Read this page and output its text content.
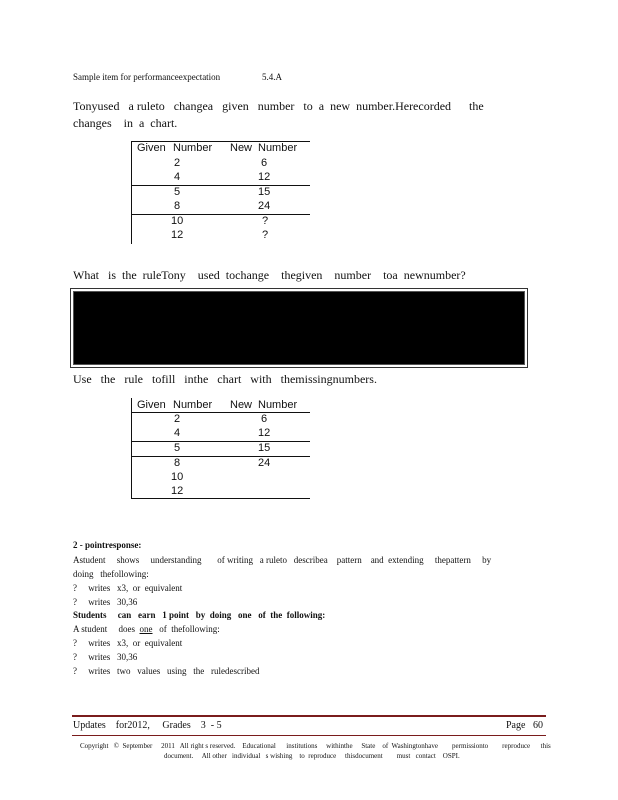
Sample item for performanceexpectation	5.4.A
Tonyused   a ruleto   changea   given   number   to  a  new  number.Herecorded      the
changes    in  a  chart.
Given Number New Number
2	6
4	12
5	15
8	24
10	?
12	?
What   is  the  ruleTony    used  tochange    thegiven    number    toa  newnumber?
Use   the   rule   tofill   inthe   chart   with   themissingnumbers.
Given Number New Number
2	6
4	12
5	15
8	24
10
12
2 - pointresponse:
Astudent     shows     understanding       of writing   a ruleto   describea    pattern    and  extending     thepattern     by
doing   thefollowing:
?     writes   x3,  or  equivalent
?     writes   30,36
Students     can   earn   1 point   by  doing   one   of  the  following:
A student     does  one   of  thefollowing:
?     writes   x3,  or  equivalent
?     writes   30,36
?     writes   two   values   using   the   ruledescribed
Updates    for2012,     Grades    3  - 5	Page   60
Copyright   ©  September     2011   All right s reserved.    Educational      institutions     withinthe     State    of  Washingtonhave        permissionto        reproduce      this
document.     All other   individual   s wishing    to  reproduce     thisdocument        must   contact    OSPI.
